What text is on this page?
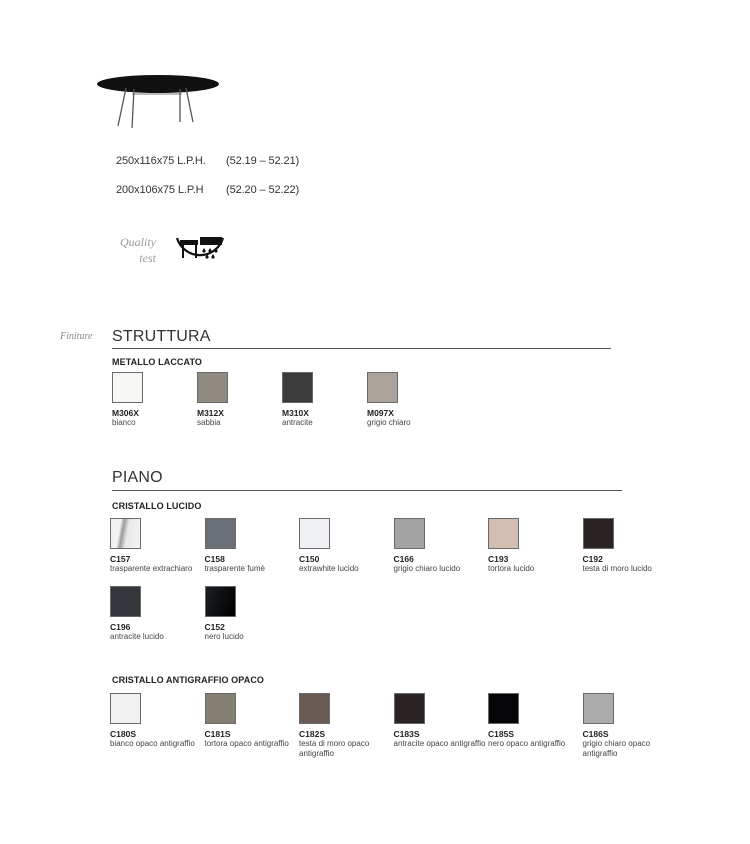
250x116x75 L.P.H. (52.19 – 52.21)
200x106x75 L.P.H (52.20 – 52.22)
Quality
test
Finiture STRUTTURA
METALLO LACCATO
M306X
bianco
M312X
sabbia
M310X
antracite
M097X
grigio chiaro
PIANO
CRISTALLO LUCIDO
C157
trasparente extrachiaro
C158
trasparente fumè
C150
extrawhite lucido
C166
grigio chiaro lucido
C193
tortora lucido
C192
testa di moro lucido
C196
antracite lucido
C152
nero lucido
CRISTALLO ANTIGRAFFIO OPACO
C180S
bianco opaco antigraffio
C181S
tortora opaco antigraffio
C182S
testa di moro opaco antigraffio
C183S
antracite opaco antigraffio
C185S
nero opaco antigraffio
C186S
grigio chiaro opaco antigraffio
